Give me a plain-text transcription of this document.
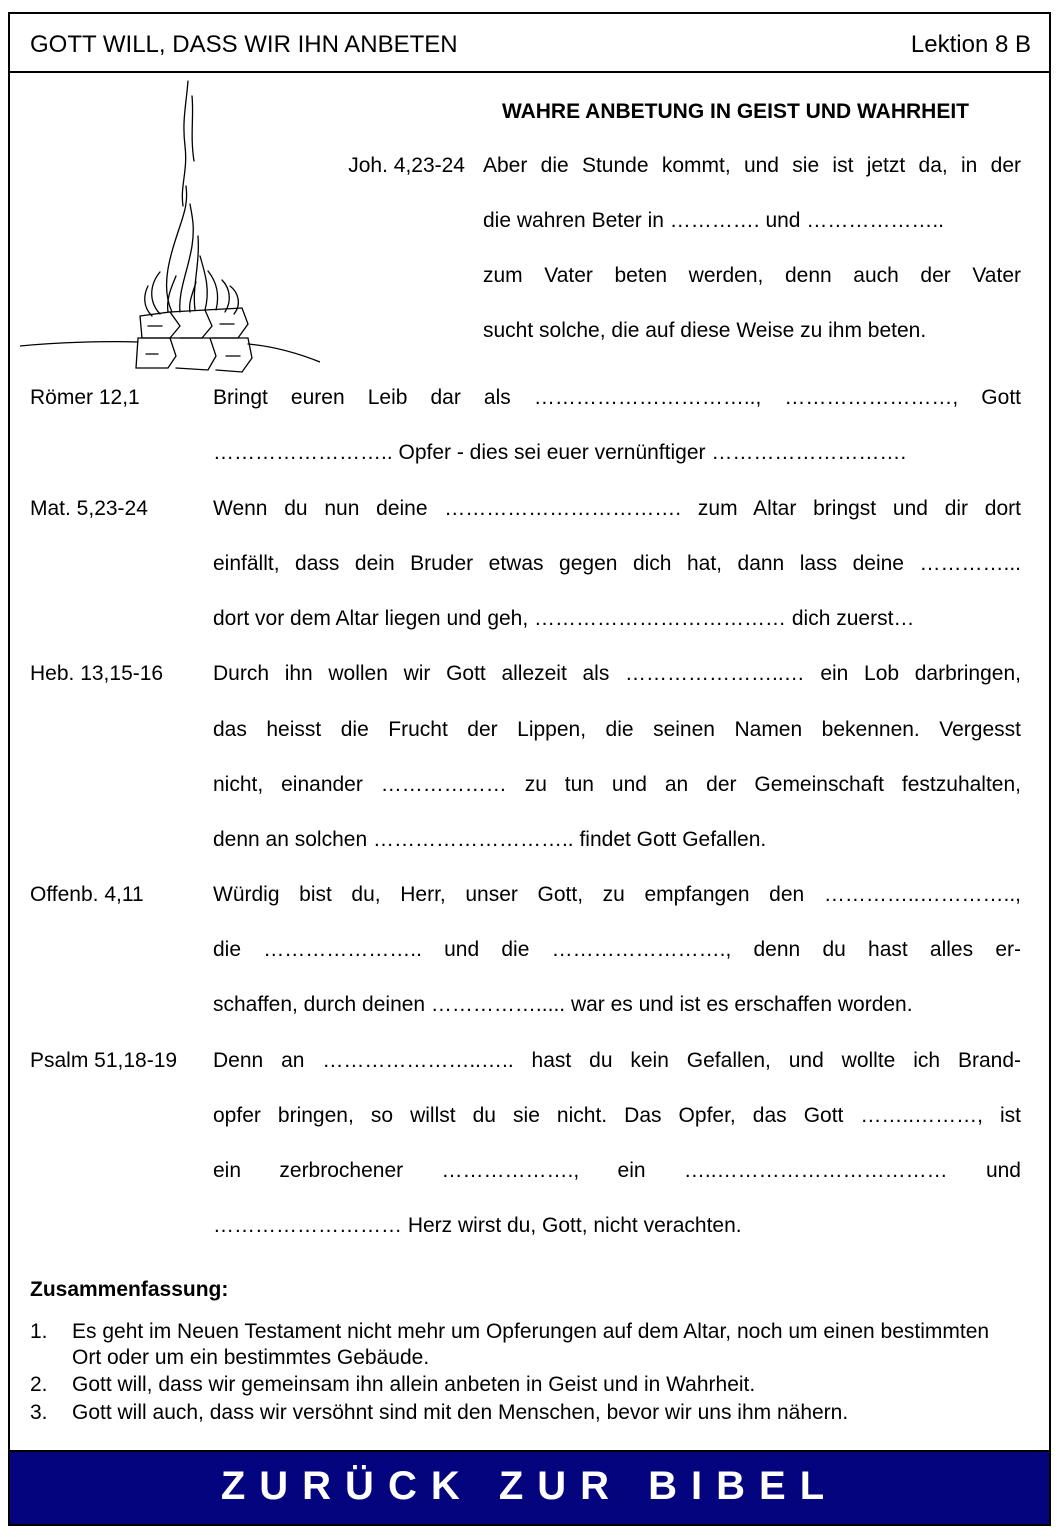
GOTT WILL, DASS WIR IHN ANBETEN	Lektion 8 B
WAHRE ANBETUNG IN GEIST UND WAHRHEIT
Joh. 4,23-24 Aber die Stunde kommt, und sie ist jetzt da, in der
die wahren Beter in …………. und ………………..
zum Vater beten werden, denn auch der Vater
sucht solche, die auf diese Weise zu ihm beten.
Römer 12,1	Bringt euren Leib dar als ………………………….., ……………………, Gott
…………………….. Opfer - dies sei euer vernünftiger ……………………….
Mat. 5,23-24	Wenn du nun deine ……………………………. zum Altar bringst und dir dort
einfällt, dass dein Bruder etwas gegen dich hat, dann lass deine …………...
dort vor dem Altar liegen und geh, ……………………………… dich zuerst…
Heb. 13,15-16 Durch ihn wollen wir Gott allezeit als …………………..… ein Lob darbringen,
das heisst die Frucht der Lippen, die seinen Namen bekennen. Vergesst
nicht, einander ……………… zu tun und an der Gemeinschaft festzuhalten,
denn an solchen ……………………….. findet Gott Gefallen.
Offenb. 4,11	Würdig bist du, Herr, unser Gott, zu empfangen den …………..…………..,
die ………………….. und die ……………………., denn du hast alles er-
schaffen, durch deinen ……………..... war es und ist es erschaffen worden.
Psalm 51,18-19 Denn an …………………..….. hast du kein Gefallen, und wollte ich Brand-
opfer bringen, so willst du sie nicht. Das Opfer, das Gott ……..………, ist
ein zerbrochener ………………., ein …..…………………………… und
……………………… Herz wirst du, Gott, nicht verachten.
Zusammenfassung:
1. Es geht im Neuen Testament nicht mehr um Opferungen auf dem Altar, noch um einen bestimmten Ort oder um ein bestimmtes Gebäude.
2. Gott will, dass wir gemeinsam ihn allein anbeten in Geist und in Wahrheit.
3. Gott will auch, dass wir versöhnt sind mit den Menschen, bevor wir uns ihm nähern.
ZURÜCK ZUR BIBEL
